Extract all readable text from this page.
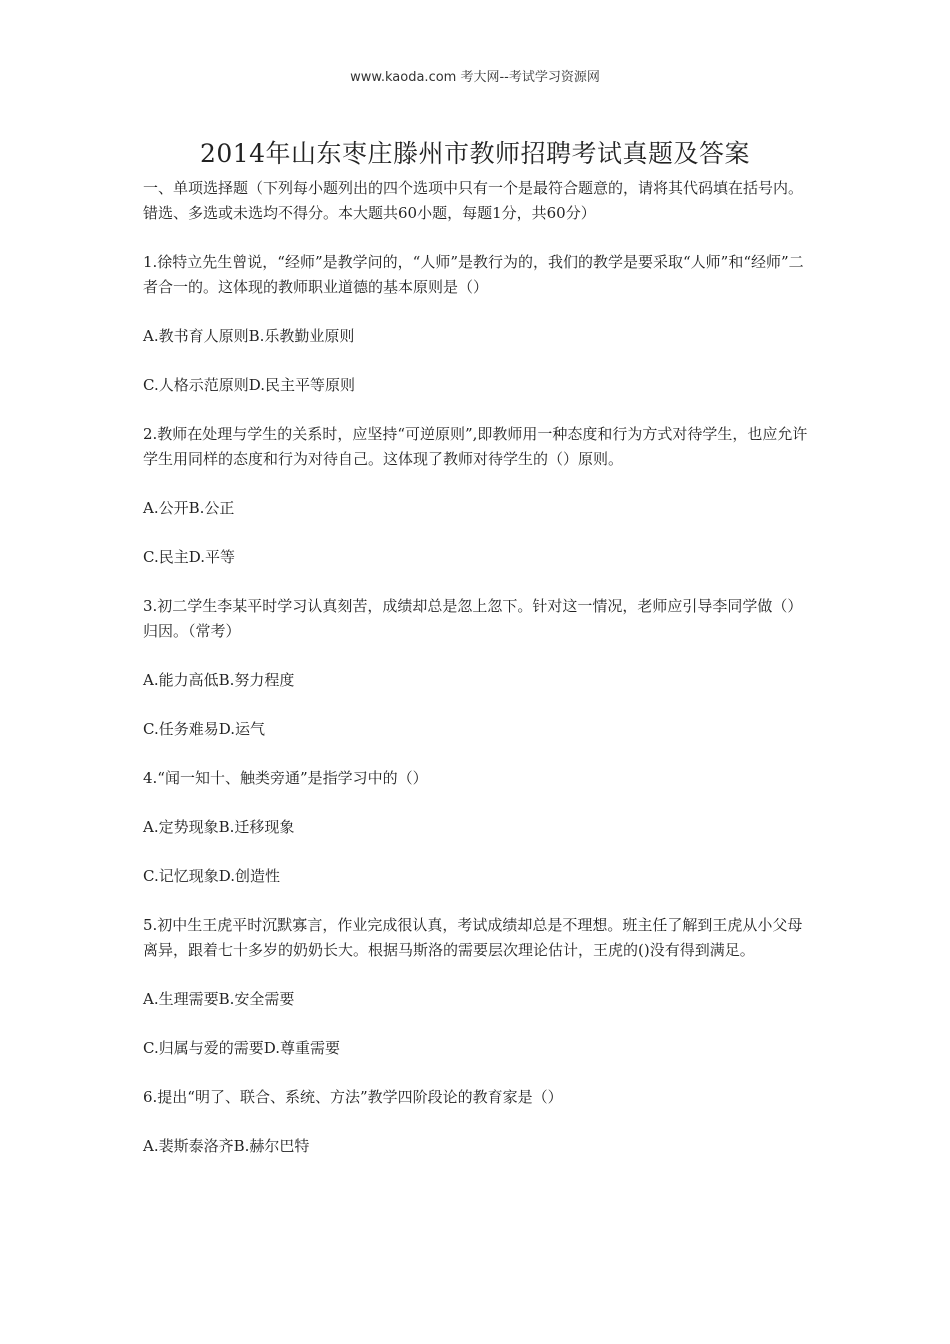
www.kaoda.com 考大网--考试学习资源网
2014年山东枣庄滕州市教师招聘考试真题及答案

一、单项选择题（下列每小题列出的四个选项中只有一个是最符合题意的，请将其代码填在括号内。错选、多选或未选均不得分。本大题共60小题，每题1分，共60分）

1.徐特立先生曾说，“经师”是教学问的，“人师”是教行为的，我们的教学是要采取“人师”和“经师”二者合一的。这体现的教师职业道德的基本原则是（）

A.教书育人原则B.乐教勤业原则

C.人格示范原则D.民主平等原则

2.教师在处理与学生的关系时，应坚持“可逆原则”,即教师用一种态度和行为方式对待学生，也应允许学生用同样的态度和行为对待自己。这体现了教师对待学生的（）原则。

A.公开B.公正

C.民主D.平等

3.初二学生李某平时学习认真刻苦，成绩却总是忽上忽下。针对这一情况，老师应引导李同学做（）归因。（常考）

A.能力高低B.努力程度

C.任务难易D.运气

4.“闻一知十、触类旁通”是指学习中的（）

A.定势现象B.迁移现象

C.记忆现象D.创造性

5.初中生王虎平时沉默寡言，作业完成很认真，考试成绩却总是不理想。班主任了解到王虎从小父母离异，跟着七十多岁的奶奶长大。根据马斯洛的需要层次理论估计，王虎的()没有得到满足。

A.生理需要B.安全需要

C.归属与爱的需要D.尊重需要

6.提出“明了、联合、系统、方法”教学四阶段论的教育家是（）

A.裴斯泰洛齐B.赫尔巴特
